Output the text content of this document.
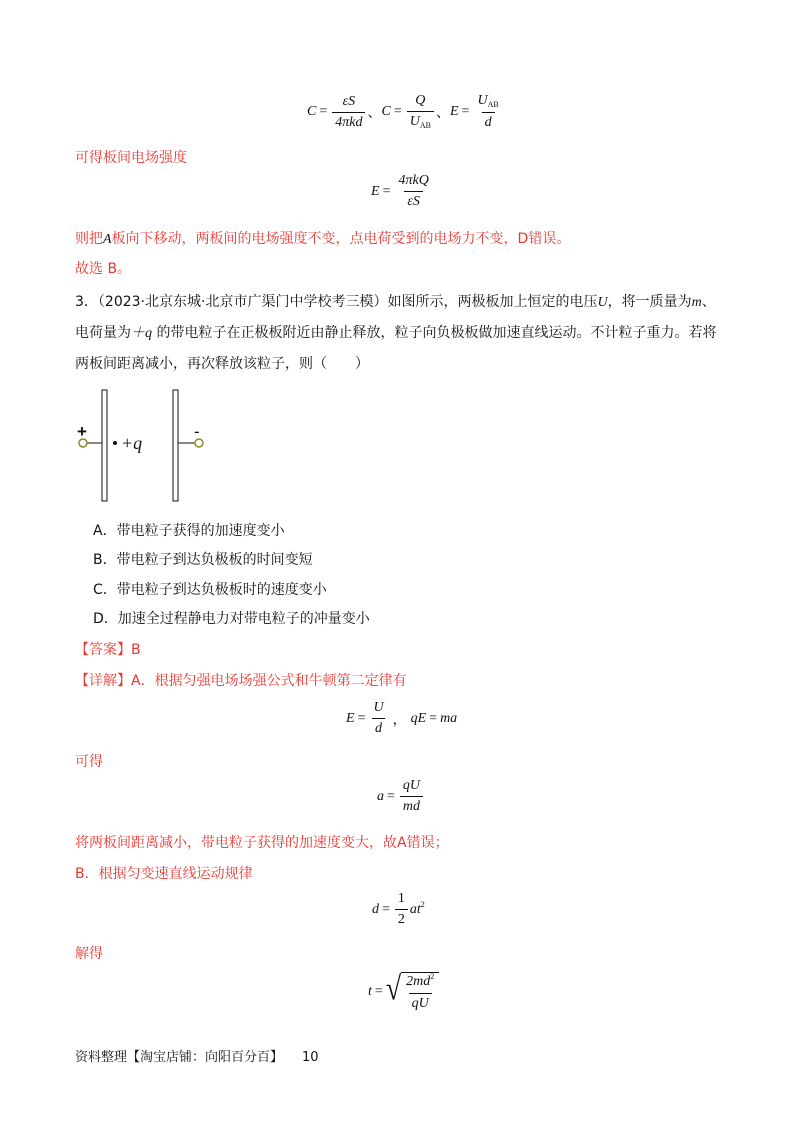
$C = \frac{\varepsilon S}{\text{4πkd}}$ 、 $C = \frac{Q}{U_{AB}}$ 、 $E = \frac{U_{AB}}{d}$
可得板间电场强度
$E = \frac{\text{4πkQ}}{\varepsilon S}$
则把A板向下移动，两板间的电场强度不变，点电荷受到的电场力不变，D错误。
故选 B。
3．（2023·北京东城·北京市广渠门中学校考三模）如图所示，两极板加上恒定的电压U，将一质量为m、
电荷量为＋q 的带电粒子在正极板附近由静止释放，粒子向负极板做加速直线运动。不计粒子重力。若将
两板间距离减小，再次释放该粒子，则（　　）
+	-
+q
A．带电粒子获得的加速度变小
B．带电粒子到达负极板的时间变短
C．带电粒子到达负极板时的速度变小
D．加速全过程静电力对带电粒子的冲量变小
【答案】B
【详解】A．根据匀强电场场强公式和牛顿第二定律有
$E = \frac{U}{d}$ ， qE = ma
可得
$a = \frac{qU}{md}$
将两板间距离减小，带电粒子获得的加速度变大，故A错误；
B．根据匀变速直线运动规律
$d = \frac{1}{2} at^2$
解得
t = √ $\frac{2md^2}{qU}$
资料整理【淘宝店铺：向阳百分百】 10
